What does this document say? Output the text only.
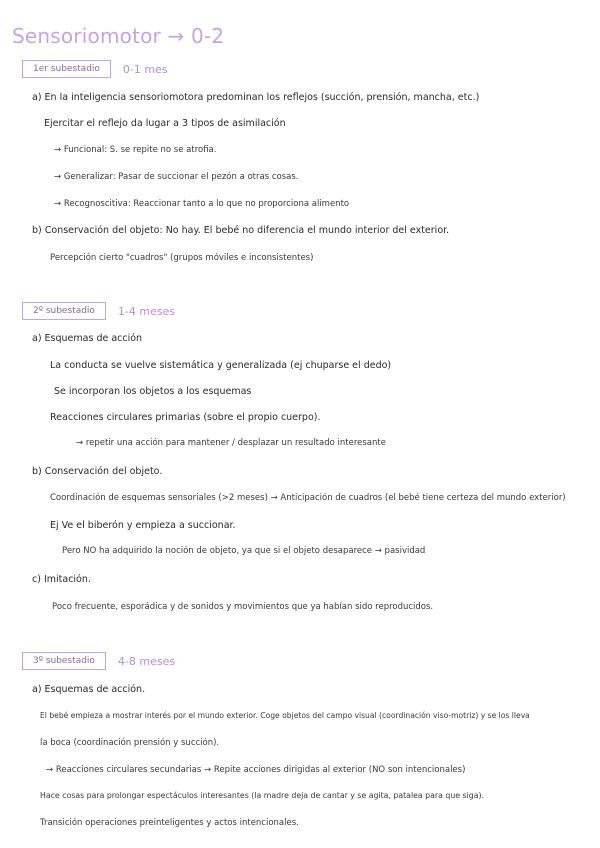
Sensoriomotor → 0-2
1er subestadio	0-1 mes
a) En la inteligencia sensoriomotora predominan los reflejos (succión, prensión, mancha, etc.)
Ejercitar el reflejo da lugar a 3 tipos de asimilación
→ Funcional: S. se repite no se atrofia.
→ Generalizar: Pasar de succionar el pezón a otras cosas.
→ Recognoscitiva: Reaccionar tanto a lo que no proporciona alimento
b) Conservación del objeto: No hay. El bebé no diferencia el mundo interior del exterior.
Percepción cierto "cuadros" (grupos móviles e inconsistentes)
2º subestadio	1-4 meses
a) Esquemas de acción
La conducta se vuelve sistemática y generalizada (ej chuparse el dedo)
Se incorporan los objetos a los esquemas
Reacciones circulares primarias (sobre el propio cuerpo).
→ repetir una acción para mantener / desplazar un resultado interesante
b) Conservación del objeto.
Coordinación de esquemas sensoriales (>2 meses) → Anticipación de cuadros (el bebé tiene certeza del mundo exterior)
Ej Ve el biberón y empieza a succionar.
Pero NO ha adquirido la noción de objeto, ya que si el objeto desaparece → pasividad
c) Imitación.
Poco frecuente, esporádica y de sonidos y movimientos que ya habían sido reproducidos.
3º subestadio	4-8 meses
a) Esquemas de acción.
El bebé empieza a mostrar interés por el mundo exterior. Coge objetos del campo visual (coordinación viso-motriz) y se los lleva
la boca (coordinación prensión y succión).
→ Reacciones circulares secundarias → Repite acciones dirigidas al exterior (NO son intencionales)
Hace cosas para prolongar espectáculos interesantes (la madre deja de cantar y se agita, patalea para que siga).
Transición operaciones preinteligentes y actos intencionales.
